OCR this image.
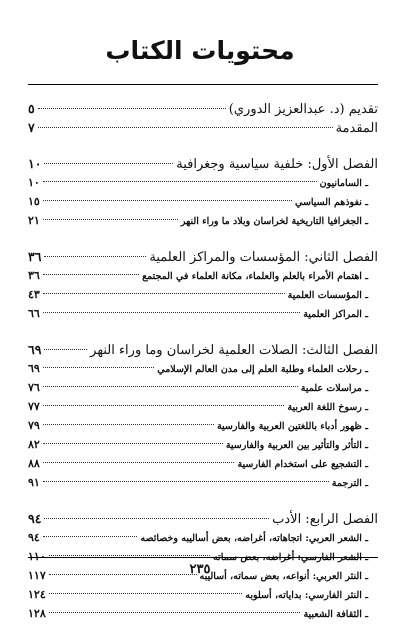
محتويات الكتاب
تقديم (د. عبدالعزيز الدوري)
٥
المقدمة
٧
الفصل الأول: خلفية سياسية وجغرافية
١٠
ـ السامانيون
١٠
ـ نفوذهم السياسي
١٥
ـ الجغرافيا التاريخية لخراسان وبلاد ما وراء النهر
٢١
الفصل الثاني: المؤسسات والمراكز العلمية
٣٦
ـ اهتمام الأمراء بالعلم والعلماء، مكانة العلماء في المجتمع
٣٦
ـ المؤسسات العلمية
٤٣
ـ المراكز العلمية
٦٦
الفصل الثالث: الصلات العلمية لخراسان وما وراء النهر
٦٩
ـ رحلات العلماء وطلبة العلم إلى مدن العالم الإسلامي
٦٩
ـ مراسلات علمية
٧٦
ـ رسوخ اللغة العربية
٧٧
ـ ظهور أدباء باللغتين العربية والفارسية
٧٩
ـ التأثر والتأثير بين العربية والفارسية
٨٢
ـ التشجيع على استخدام الفارسية
٨٨
ـ الترجمة
٩١
الفصل الرابع: الأدب
٩٤
ـ الشعر العربي: اتجاهاته، أغراضه، بعض أساليبه وخصائصه
٩٤
ـ الشعر الفارسي: أغراضه، بعض سماته
١١٠
ـ النثر العربي: أنواعه، بعض سماته، أساليبه
١١٧
ـ النثر الفارسي: بداياته، أسلوبه
١٢٤
ـ الثقافة الشعبية
١٢٨
٢٣٥
